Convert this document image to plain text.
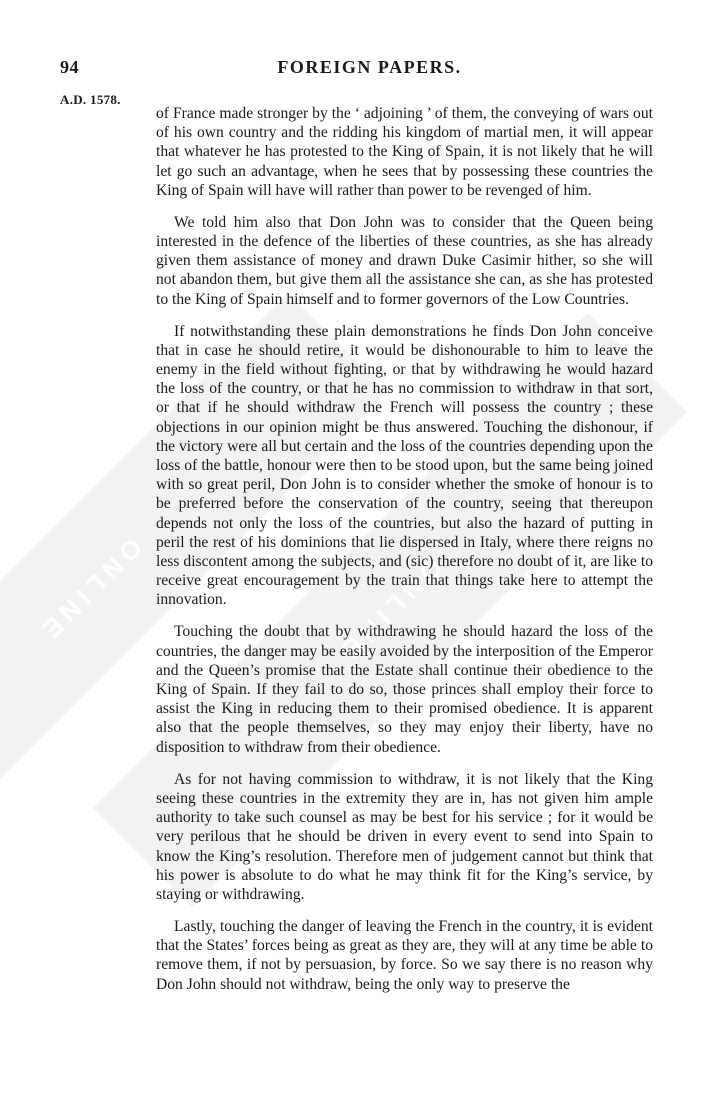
ONLINE	ONLINE
94	FOREIGN PAPERS.
A.D. 1578.

of France made stronger by the ‘ adjoining ’ of them, the conveying of wars out of his own country and the ridding his kingdom of martial men, it will appear that whatever he has protested to the King of Spain, it is not likely that he will let go such an advantage, when he sees that by possessing these countries the King of Spain will have will rather than power to be revenged of him.

We told him also that Don John was to consider that the Queen being interested in the defence of the liberties of these countries, as she has already given them assistance of money and drawn Duke Casimir hither, so she will not abandon them, but give them all the assistance she can, as she has protested to the King of Spain himself and to former governors of the Low Countries.

If notwithstanding these plain demonstrations he finds Don John conceive that in case he should retire, it would be dishonourable to him to leave the enemy in the field without fighting, or that by withdrawing he would hazard the loss of the country, or that he has no commission to withdraw in that sort, or that if he should withdraw the French will possess the country ; these objections in our opinion might be thus answered. Touching the dishonour, if the victory were all but certain and the loss of the countries depending upon the loss of the battle, honour were then to be stood upon, but the same being joined with so great peril, Don John is to consider whether the smoke of honour is to be preferred before the conservation of the country, seeing that thereupon depends not only the loss of the countries, but also the hazard of putting in peril the rest of his dominions that lie dispersed in Italy, where there reigns no less discontent among the subjects, and (sic) therefore no doubt of it, are like to receive great encouragement by the train that things take here to attempt the innovation.

Touching the doubt that by withdrawing he should hazard the loss of the countries, the danger may be easily avoided by the interposition of the Emperor and the Queen’s promise that the Estate shall continue their obedience to the King of Spain. If they fail to do so, those princes shall employ their force to assist the King in reducing them to their promised obedience. It is apparent also that the people themselves, so they may enjoy their liberty, have no disposition to withdraw from their obedience.

As for not having commission to withdraw, it is not likely that the King seeing these countries in the extremity they are in, has not given him ample authority to take such counsel as may be best for his service ; for it would be very perilous that he should be driven in every event to send into Spain to know the King’s resolution. Therefore men of judgement cannot but think that his power is absolute to do what he may think fit for the King’s service, by staying or withdrawing.

Lastly, touching the danger of leaving the French in the country, it is evident that the States’ forces being as great as they are, they will at any time be able to remove them, if not by persuasion, by force. So we say there is no reason why Don John should not withdraw, being the only way to preserve the
